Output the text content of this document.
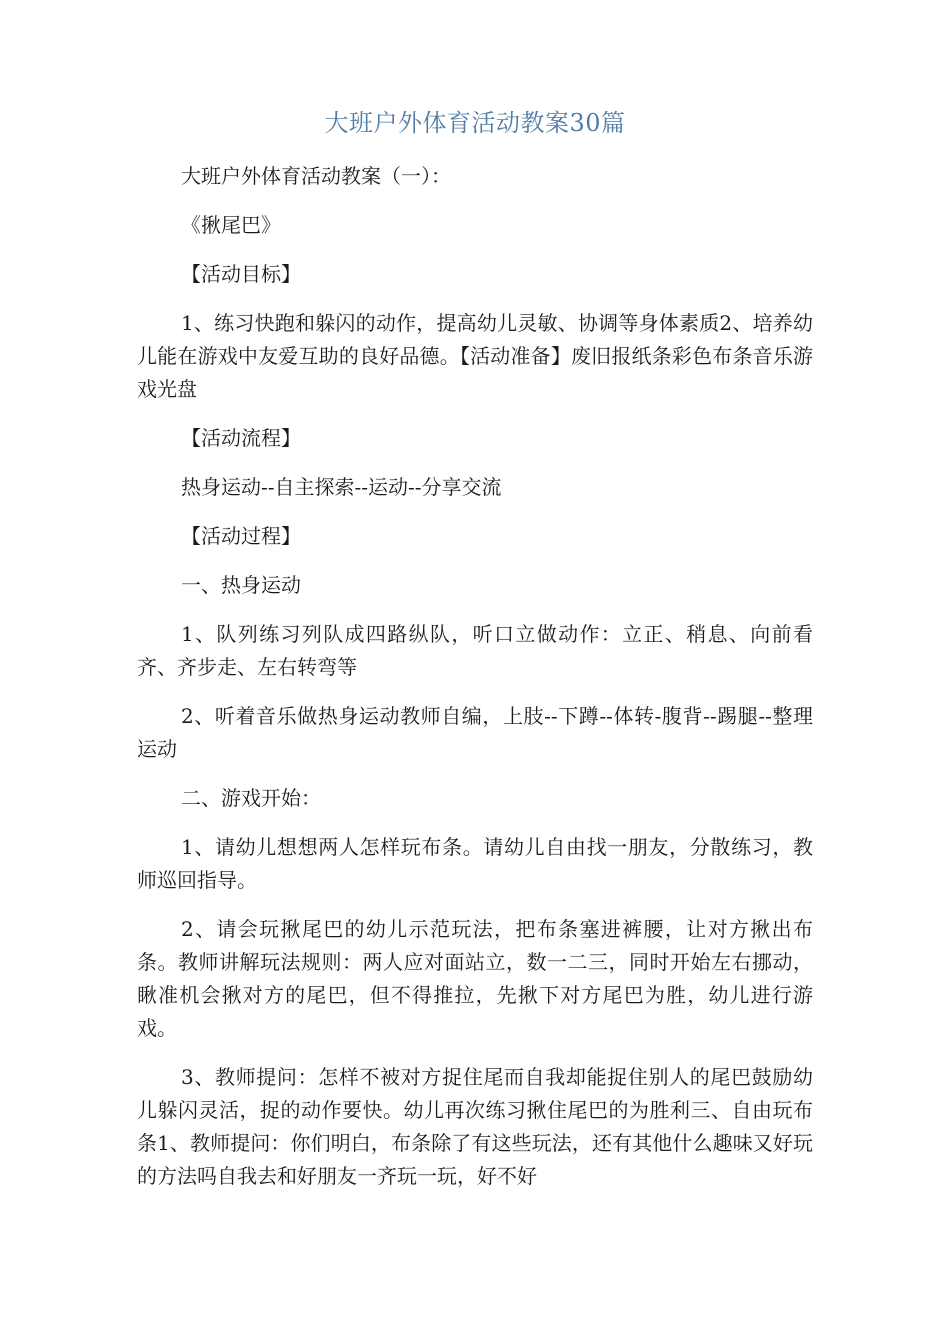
大班户外体育活动教案30篇

大班户外体育活动教案（一）：

《揪尾巴》

【活动目标】

1、练习快跑和躲闪的动作，提高幼儿灵敏、协调等身体素质2、培养幼儿能在游戏中友爱互助的良好品德。【活动准备】废旧报纸条彩色布条音乐游戏光盘

【活动流程】

热身运动--自主探索--运动--分享交流

【活动过程】

一、热身运动

1、队列练习列队成四路纵队，听口立做动作：立正、稍息、向前看齐、齐步走、左右转弯等

2、听着音乐做热身运动教师自编，上肢--下蹲--体转-腹背--踢腿--整理运动

二、游戏开始：

1、请幼儿想想两人怎样玩布条。请幼儿自由找一朋友，分散练习，教师巡回指导。

2、请会玩揪尾巴的幼儿示范玩法，把布条塞进裤腰，让对方揪出布条。教师讲解玩法规则：两人应对面站立，数一二三，同时开始左右挪动，瞅准机会揪对方的尾巴，但不得推拉，先揪下对方尾巴为胜，幼儿进行游戏。

3、教师提问：怎样不被对方捉住尾而自我却能捉住别人的尾巴鼓励幼儿躲闪灵活，捉的动作要快。幼儿再次练习揪住尾巴的为胜利三、自由玩布条1、教师提问：你们明白，布条除了有这些玩法，还有其他什么趣味又好玩的方法吗自我去和好朋友一齐玩一玩，好不好
